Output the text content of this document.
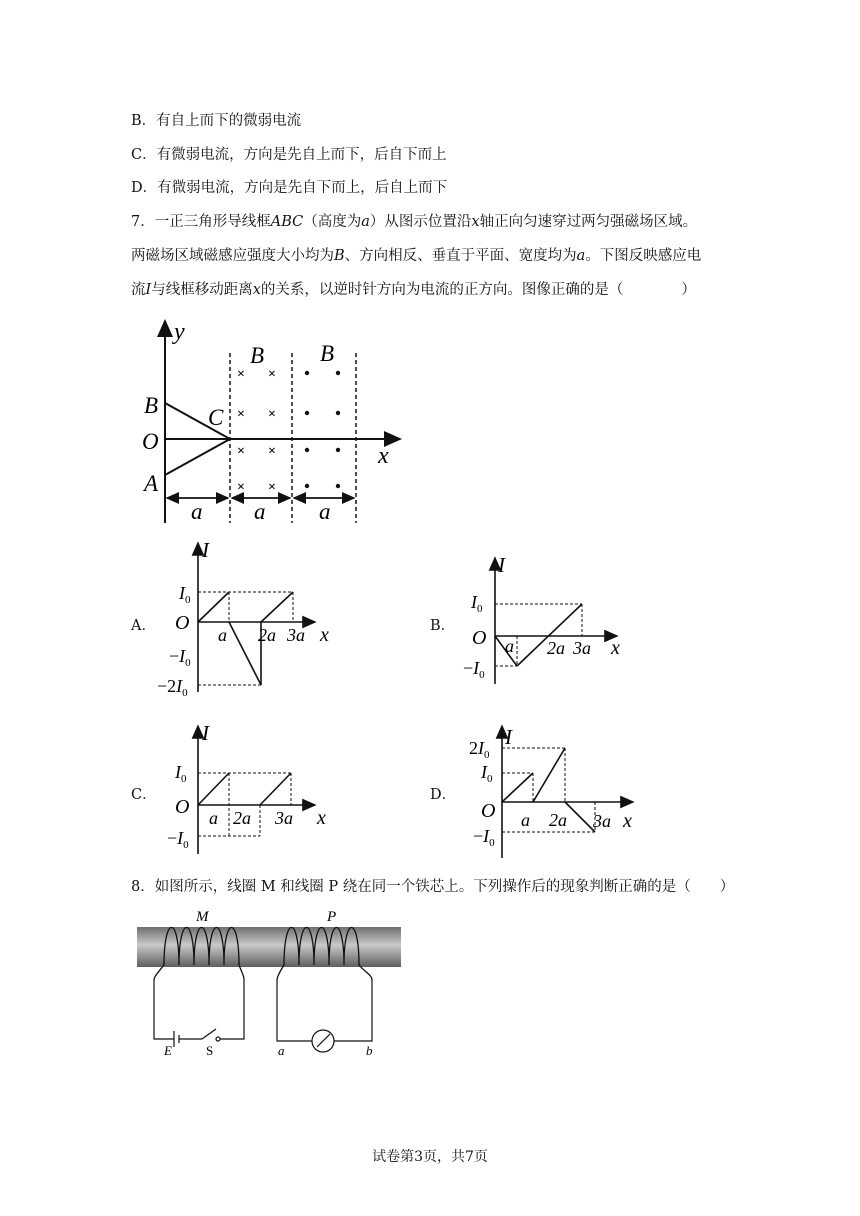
B．有自上而下的微弱电流
C．有微弱电流，方向是先自上而下，后自下而上
D．有微弱电流，方向是先自下而上，后自上而下
7．一正三角形导线框ABC（高度为a）从图示位置沿x轴正向匀速穿过两匀强磁场区域。
两磁场区域磁感应强度大小均为B、方向相反、垂直于平面、宽度均为a。下图反映感应电
流I与线框移动距离x的关系，以逆时针方向为电流的正方向。图像正确的是（　　　　）
y
x
B C
O
A
B B
× ×
× ×
× ×
× ×
a a a
A．	B．
C．	D．
I
O
x
$I_0$
$-I_0$
$-2I_0$
a 2a 3a
I
O	x
$I_0$
$-I_0$
a 2a 3a
I
O	x
$I_0$
$-I_0$
a 2a 3a
I
O	x
$2I_0$
$I_0$
$-I_0$
a 2a 3a
8．如图所示，线圈 M 和线圈 P 绕在同一个铁芯上。下列操作后的现象判断正确的是（　　）
M	P
E	S	a	b
试卷第3页，共7页
